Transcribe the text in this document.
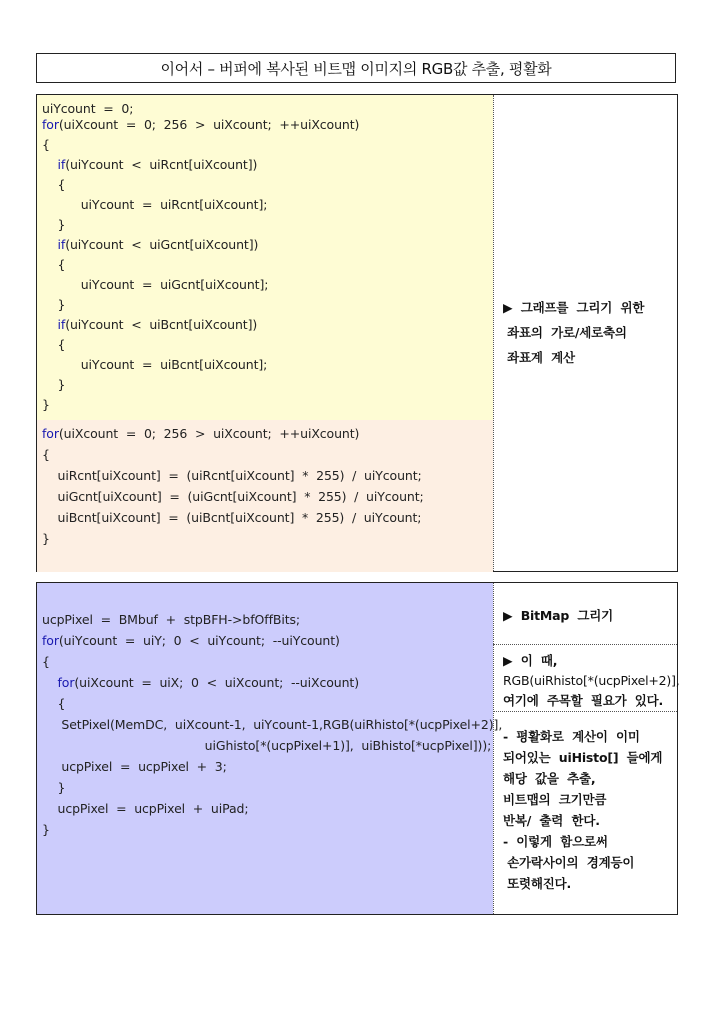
이어서 – 버퍼에 복사된 비트맵 이미지의 RGB값 추출, 평활화
uiYcount  =  0;
for(uiXcount  =  0;  256  >  uiXcount;  ++uiXcount)
{
if(uiYcount  <  uiRcnt[uiXcount])
{
uiYcount  =  uiRcnt[uiXcount];
}
if(uiYcount  <  uiGcnt[uiXcount])
{
uiYcount  =  uiGcnt[uiXcount];
}
if(uiYcount  <  uiBcnt[uiXcount])
{
uiYcount  =  uiBcnt[uiXcount];
}
}
for(uiXcount  =  0;  256  >  uiXcount;  ++uiXcount)
{
uiRcnt[uiXcount]  =  (uiRcnt[uiXcount]  *  255)  /  uiYcount;
uiGcnt[uiXcount]  =  (uiGcnt[uiXcount]  *  255)  /  uiYcount;
uiBcnt[uiXcount]  =  (uiBcnt[uiXcount]  *  255)  /  uiYcount;
}
▶  그래프를  그리기  위한
좌표의  가로/세로축의
좌표계  계산
ucpPixel  =  BMbuf  +  stpBFH->bfOffBits;
for(uiYcount  =  uiY;  0  <  uiYcount;  --uiYcount)
{
for(uiXcount  =  uiX;  0  <  uiXcount;  --uiXcount)
{
SetPixel(MemDC,  uiXcount-1,  uiYcount-1,RGB(uiRhisto[*(ucpPixel+2)],
uiGhisto[*(ucpPixel+1)],  uiBhisto[*ucpPixel]));
ucpPixel  =  ucpPixel  +  3;
}
ucpPixel  =  ucpPixel  +  uiPad;
}
▶  BitMap  그리기
▶  이  때,
RGB(uiRhisto[*(ucpPixel+2)],
여기에  주목할  필요가  있다.
-  평활화로  계산이  이미
되어있는  uiHisto[]  들에게
해당  값을  추출,
비트맵의  크기만큼
반복/  출력  한다.
-  이렇게  함으로써
손가락사이의  경계등이
또렷해진다.
